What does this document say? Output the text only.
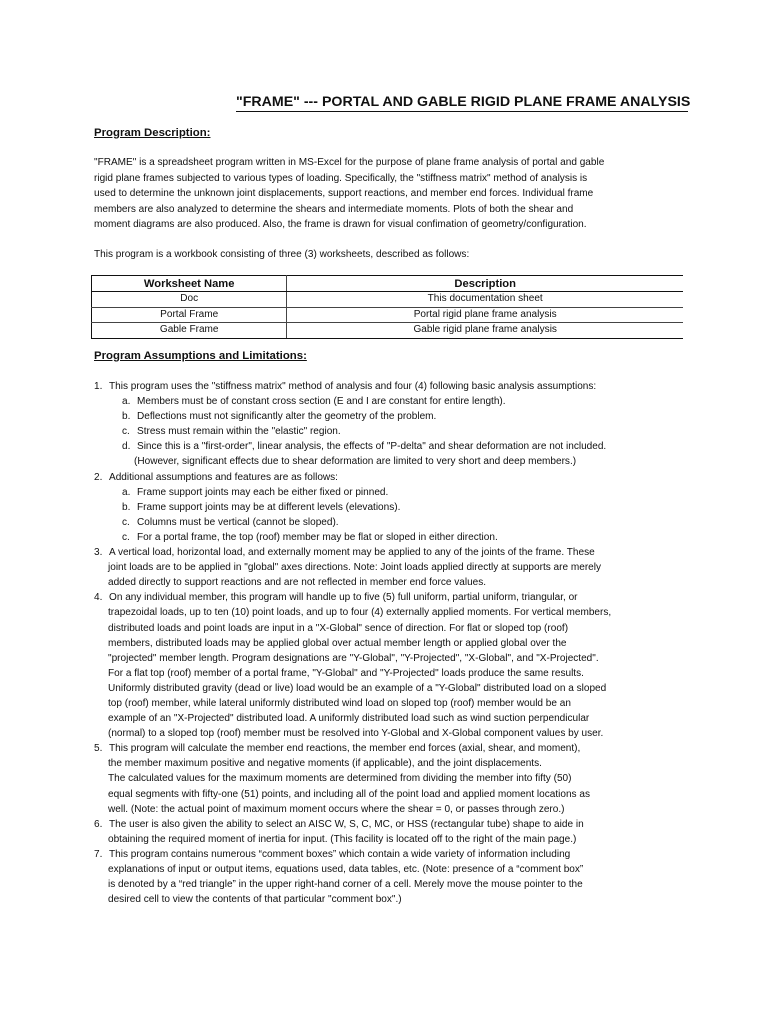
"FRAME" --- PORTAL AND GABLE RIGID PLANE FRAME ANALYSIS
Program Description:
"FRAME" is a spreadsheet program written in MS-Excel for the purpose of plane frame analysis of portal and gable
rigid plane frames subjected to various types of loading. Specifically, the "stiffness matrix" method of analysis is
used to determine the unknown joint displacements, support reactions, and member end forces. Individual frame
members are also analyzed to determine the shears and intermediate moments. Plots of both the shear and
moment diagrams are also produced. Also, the frame is drawn for visual confimation of geometry/configuration.
This program is a workbook consisting of three (3) worksheets, described as follows:
Worksheet Name	Description
Doc	This documentation sheet
Portal Frame	Portal rigid plane frame analysis
Gable Frame	Gable rigid plane frame analysis
Program Assumptions and Limitations:
1. This program uses the "stiffness matrix" method of analysis and four (4) following basic analysis assumptions:
a. Members must be of constant cross section (E and I are constant for entire length).
b. Deflections must not significantly alter the geometry of the problem.
c. Stress must remain within the "elastic" region.
d. Since this is a "first-order", linear analysis, the effects of "P-delta" and shear deformation are not included.
(However, significant effects due to shear deformation are limited to very short and deep members.)
2. Additional assumptions and features are as follows:
a. Frame support joints may each be either fixed or pinned.
b. Frame support joints may be at different levels (elevations).
c. Columns must be vertical (cannot be sloped).
c. For a portal frame, the top (roof) member may be flat or sloped in either direction.
3. A vertical load, horizontal load, and externally moment may be applied to any of the joints of the frame. These
joint loads are to be applied in "global" axes directions. Note: Joint loads applied directly at supports are merely
added directly to support reactions and are not reflected in member end force values.
4. On any individual member, this program will handle up to five (5) full uniform, partial uniform, triangular, or
trapezoidal loads, up to ten (10) point loads, and up to four (4) externally applied moments. For vertical members,
distributed loads and point loads are input in a "X-Global" sence of direction. For flat or sloped top (roof)
members, distributed loads may be applied global over actual member length or applied global over the
"projected" member length. Program designations are "Y-Global", "Y-Projected", "X-Global", and "X-Projected".
For a flat top (roof) member of a portal frame, "Y-Global" and "Y-Projected" loads produce the same results.
Uniformly distributed gravity (dead or live) load would be an example of a "Y-Global" distributed load on a sloped
top (roof) member, while lateral uniformly distributed wind load on sloped top (roof) member would be an
example of an "X-Projected" distributed load. A uniformly distributed load such as wind suction perpendicular
(normal) to a sloped top (roof) member must be resolved into Y-Global and X-Global component values by user.
5. This program will calculate the member end reactions, the member end forces (axial, shear, and moment),
the member maximum positive and negative moments (if applicable), and the joint displacements.
The calculated values for the maximum moments are determined from dividing the member into fifty (50)
equal segments with fifty-one (51) points, and including all of the point load and applied moment locations as
well. (Note: the actual point of maximum moment occurs where the shear = 0, or passes through zero.)
6. The user is also given the ability to select an AISC W, S, C, MC, or HSS (rectangular tube) shape to aide in
obtaining the required moment of inertia for input. (This facility is located off to the right of the main page.)
7. This program contains numerous “comment boxes” which contain a wide variety of information including
explanations of input or output items, equations used, data tables, etc. (Note: presence of a “comment box”
is denoted by a “red triangle” in the upper right-hand corner of a cell. Merely move the mouse pointer to the
desired cell to view the contents of that particular "comment box".)
